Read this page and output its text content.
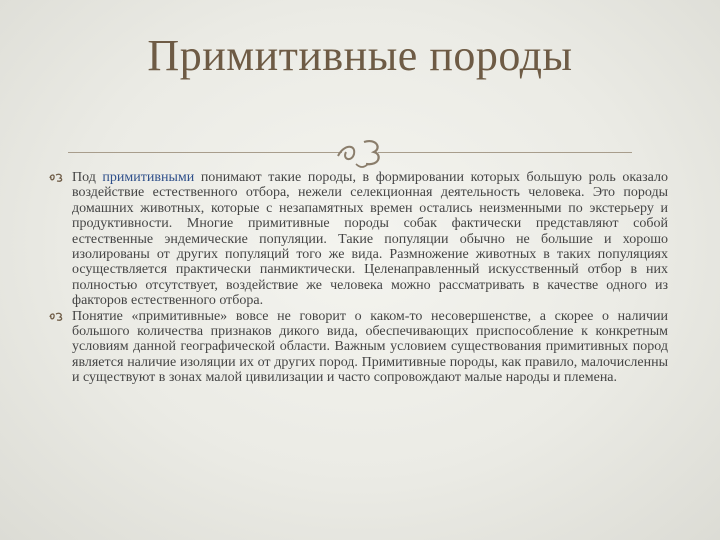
Примитивные породы

Под примитивными понимают такие породы, в формировании которых большую роль оказало воздействие естественного отбора, нежели селекционная деятельность человека. Это породы домашних животных, которые с незапамятных времен остались неизменными по экстерьеру и продуктивности. Многие примитивные породы собак фактически представляют собой естественные эндемические популяции. Такие популяции обычно не большие и хорошо изолированы от других популяций того же вида. Размножение животных в таких популяциях осуществляется практически панмиктически. Целенаправленный искусственный отбор в них полностью отсутствует, воздействие же человека можно рассматривать в качестве одного из факторов естественного отбора.

Понятие «примитивные» вовсе не говорит о каком-то несовершенстве, а скорее о наличии большого количества признаков дикого вида, обеспечивающих приспособление к конкретным условиям данной географической области. Важным условием существования примитивных пород является наличие изоляции их от других пород. Примитивные породы, как правило, малочисленны и существуют в зонах малой цивилизации и часто сопровождают малые народы и племена.
